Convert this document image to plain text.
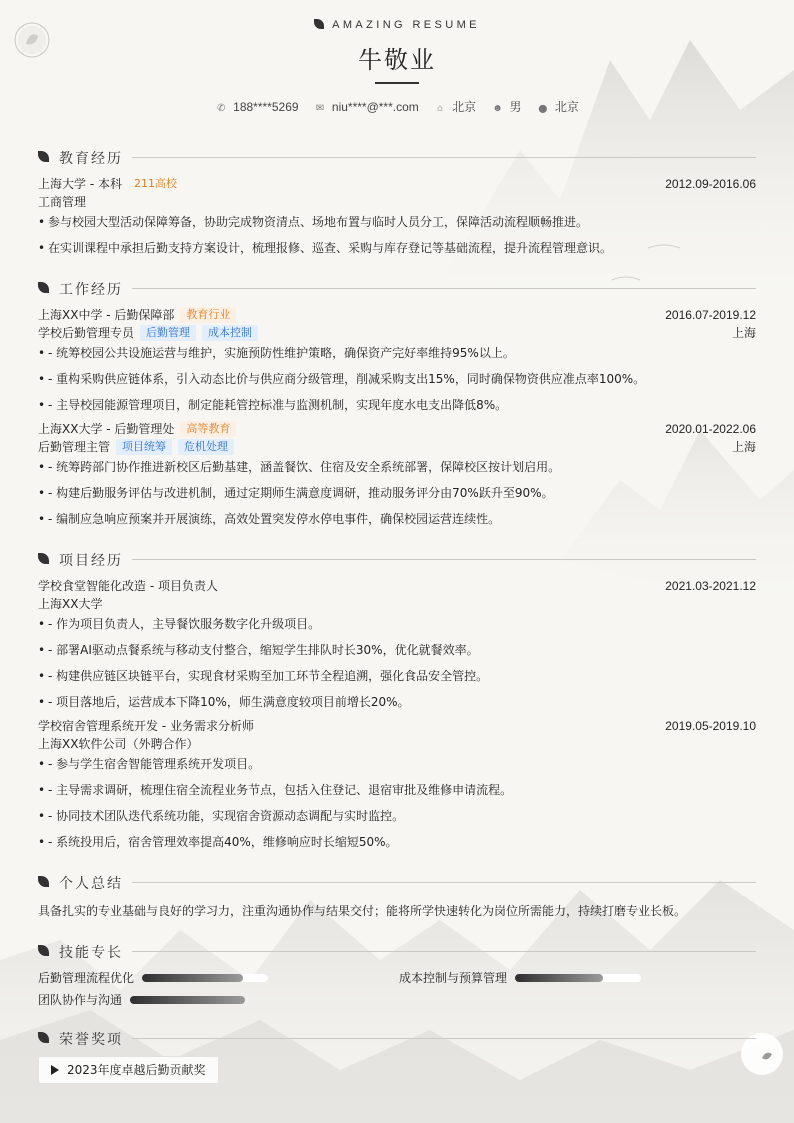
AMAZING RESUME
牛敬业
✆ 188****5269 ✉ niu****@***.com ⌂ 北京 ☻ 男 ⬤ 北京
教育经历
上海大学 - 本科 211高校	2012.09-2016.06
工商管理
• 参与校园大型活动保障筹备，协助完成物资清点、场地布置与临时人员分工，保障活动流程顺畅推进。
• 在实训课程中承担后勤支持方案设计，梳理报修、巡查、采购与库存登记等基础流程，提升流程管理意识。
工作经历
上海XX中学 - 后勤保障部 教育行业	2016.07-2019.12
学校后勤管理专员 后勤管理 成本控制	上海
• - 统筹校园公共设施运营与维护，实施预防性维护策略，确保资产完好率维持95%以上。
• - 重构采购供应链体系，引入动态比价与供应商分级管理，削减采购支出15%，同时确保物资供应准点率100%。
• - 主导校园能源管理项目，制定能耗管控标准与监测机制，实现年度水电支出降低8%。
上海XX大学 - 后勤管理处 高等教育	2020.01-2022.06
后勤管理主管 项目统筹 危机处理	上海
• - 统筹跨部门协作推进新校区后勤基建，涵盖餐饮、住宿及安全系统部署，保障校区按计划启用。
• - 构建后勤服务评估与改进机制，通过定期师生满意度调研，推动服务评分由70%跃升至90%。
• - 编制应急响应预案并开展演练，高效处置突发停水停电事件，确保校园运营连续性。
项目经历
学校食堂智能化改造 - 项目负责人	2021.03-2021.12
上海XX大学
• - 作为项目负责人，主导餐饮服务数字化升级项目。
• - 部署AI驱动点餐系统与移动支付整合，缩短学生排队时长30%，优化就餐效率。
• - 构建供应链区块链平台，实现食材采购至加工环节全程追溯，强化食品安全管控。
• - 项目落地后，运营成本下降10%，师生满意度较项目前增长20%。
学校宿舍管理系统开发 - 业务需求分析师	2019.05-2019.10
上海XX软件公司（外聘合作）
• - 参与学生宿舍智能管理系统开发项目。
• - 主导需求调研，梳理住宿全流程业务节点，包括入住登记、退宿审批及维修申请流程。
• - 协同技术团队迭代系统功能，实现宿舍资源动态调配与实时监控。
• - 系统投用后，宿舍管理效率提高40%，维修响应时长缩短50%。
个人总结
具备扎实的专业基础与良好的学习力，注重沟通协作与结果交付；能将所学快速转化为岗位所需能力，持续打磨专业长板。
技能专长
后勤管理流程优化	成本控制与预算管理
团队协作与沟通
荣誉奖项
2023年度卓越后勤贡献奖
